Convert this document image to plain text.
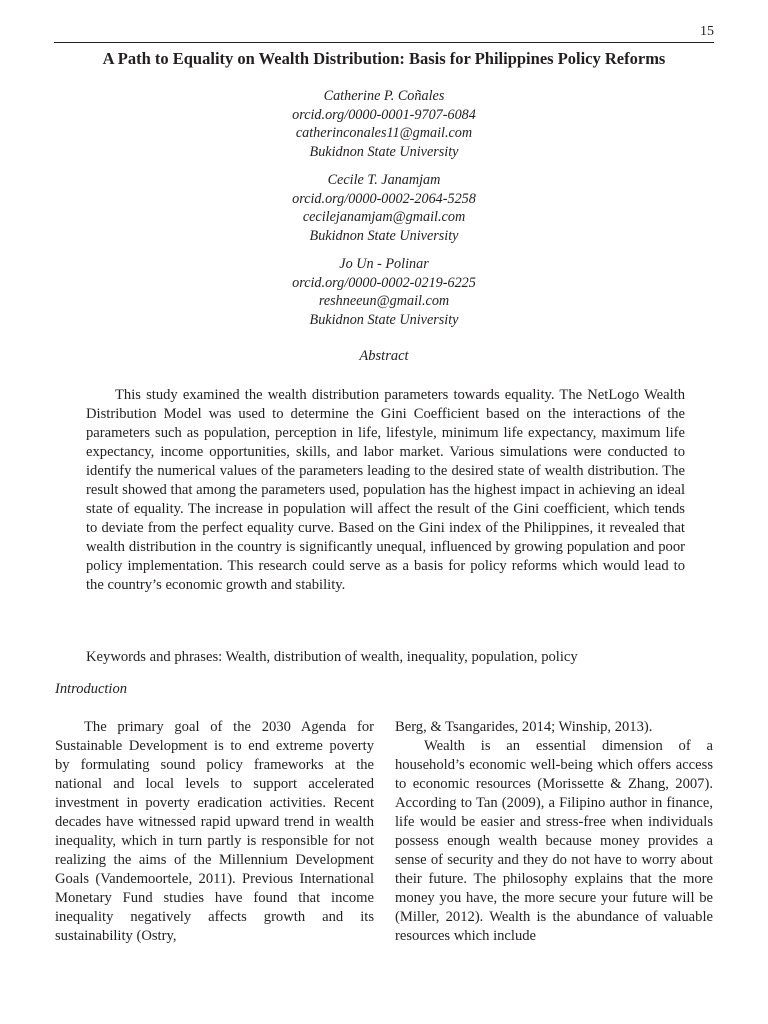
15
A Path to Equality on Wealth Distribution: Basis for Philippines Policy Reforms
Catherine P. Coñales
orcid.org/0000-0001-9707-6084
catherinconales11@gmail.com
Bukidnon State University
Cecile T. Janamjam
orcid.org/0000-0002-2064-5258
cecilejanamjam@gmail.com
Bukidnon State University
Jo Un - Polinar
orcid.org/0000-0002-0219-6225
reshneeun@gmail.com
Bukidnon State University
Abstract

This study examined the wealth distribution parameters towards equality. The NetLogo Wealth Distribution Model was used to determine the Gini Coefficient based on the interactions of the parameters such as population, perception in life, lifestyle, minimum life expectancy, maximum life expectancy, income opportunities, skills, and labor market. Various simulations were conducted to identify the numerical values of the parameters leading to the desired state of wealth distribution. The result showed that among the parameters used, population has the highest impact in achieving an ideal state of equality. The increase in population will affect the result of the Gini coefficient, which tends to deviate from the perfect equality curve. Based on the Gini index of the Philippines, it revealed that wealth distribution in the country is significantly unequal, influenced by growing population and poor policy implementation. This research could serve as a basis for policy reforms which would lead to the country’s economic growth and stability.

Keywords and phrases: Wealth, distribution of wealth, inequality, population, policy

Introduction

The primary goal of the 2030 Agenda for Sustainable Development is to end extreme poverty by formulating sound policy frameworks at the national and local levels to support accelerated investment in poverty eradication activities. Recent decades have witnessed rapid upward trend in wealth inequality, which in turn partly is responsible for not realizing the aims of the Millennium Development Goals (Vandemoortele, 2011). Previous International Monetary Fund studies have found that income inequality negatively affects growth and its sustainability (Ostry,

Berg, & Tsangarides, 2014; Winship, 2013).

Wealth is an essential dimension of a household’s economic well-being which offers access to economic resources (Morissette & Zhang, 2007). According to Tan (2009), a Filipino author in finance, life would be easier and stress-free when individuals possess enough wealth because money provides a sense of security and they do not have to worry about their future. The philosophy explains that the more money you have, the more secure your future will be (Miller, 2012). Wealth is the abundance of valuable resources which include
